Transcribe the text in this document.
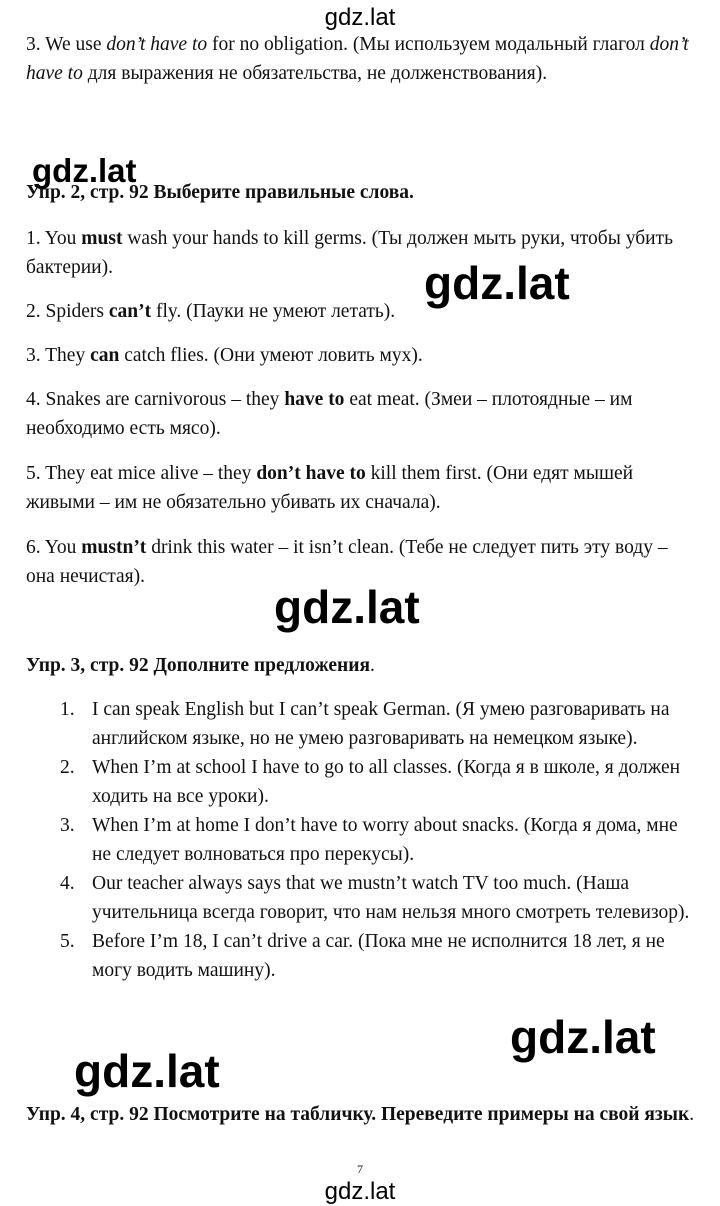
gdz.lat
gdz.lat
gdz.lat
gdz.lat
gdz.lat
gdz.lat
3. We use don’t have to for no obligation. (Мы используем модальный глагол don’t have to для выражения не обязательства, не долженствования).
Упр. 2, стр. 92 Выберите правильные слова.
1. You must wash your hands to kill germs. (Ты должен мыть руки, чтобы убить бактерии).
2. Spiders can’t fly. (Пауки не умеют летать).
3. They can catch flies. (Они умеют ловить мух).
4. Snakes are carnivorous – they have to eat meat. (Змеи – плотоядные – им необходимо есть мясо).
5. They eat mice alive – they don’t have to kill them first. (Они едят мышей живыми – им не обязательно убивать их сначала).
6. You mustn’t drink this water – it isn’t clean. (Тебе не следует пить эту воду – она нечистая).
Упр. 3, стр. 92 Дополните предложения.
1. I can speak English but I can’t speak German. (Я умею разговаривать на английском языке, но не умею разговаривать на немецком языке).
2. When I’m at school I have to go to all classes. (Когда я в школе, я должен ходить на все уроки).
3. When I’m at home I don’t have to worry about snacks. (Когда я дома, мне не следует волноваться про перекусы).
4. Our teacher always says that we mustn’t watch TV too much. (Наша учительница всегда говорит, что нам нельзя много смотреть телевизор).
5. Before I’m 18, I can’t drive a car. (Пока мне не исполнится 18 лет, я не могу водить машину).
Упр. 4, стр. 92 Посмотрите на табличку. Переведите примеры на свой язык.
7
gdz.lat
